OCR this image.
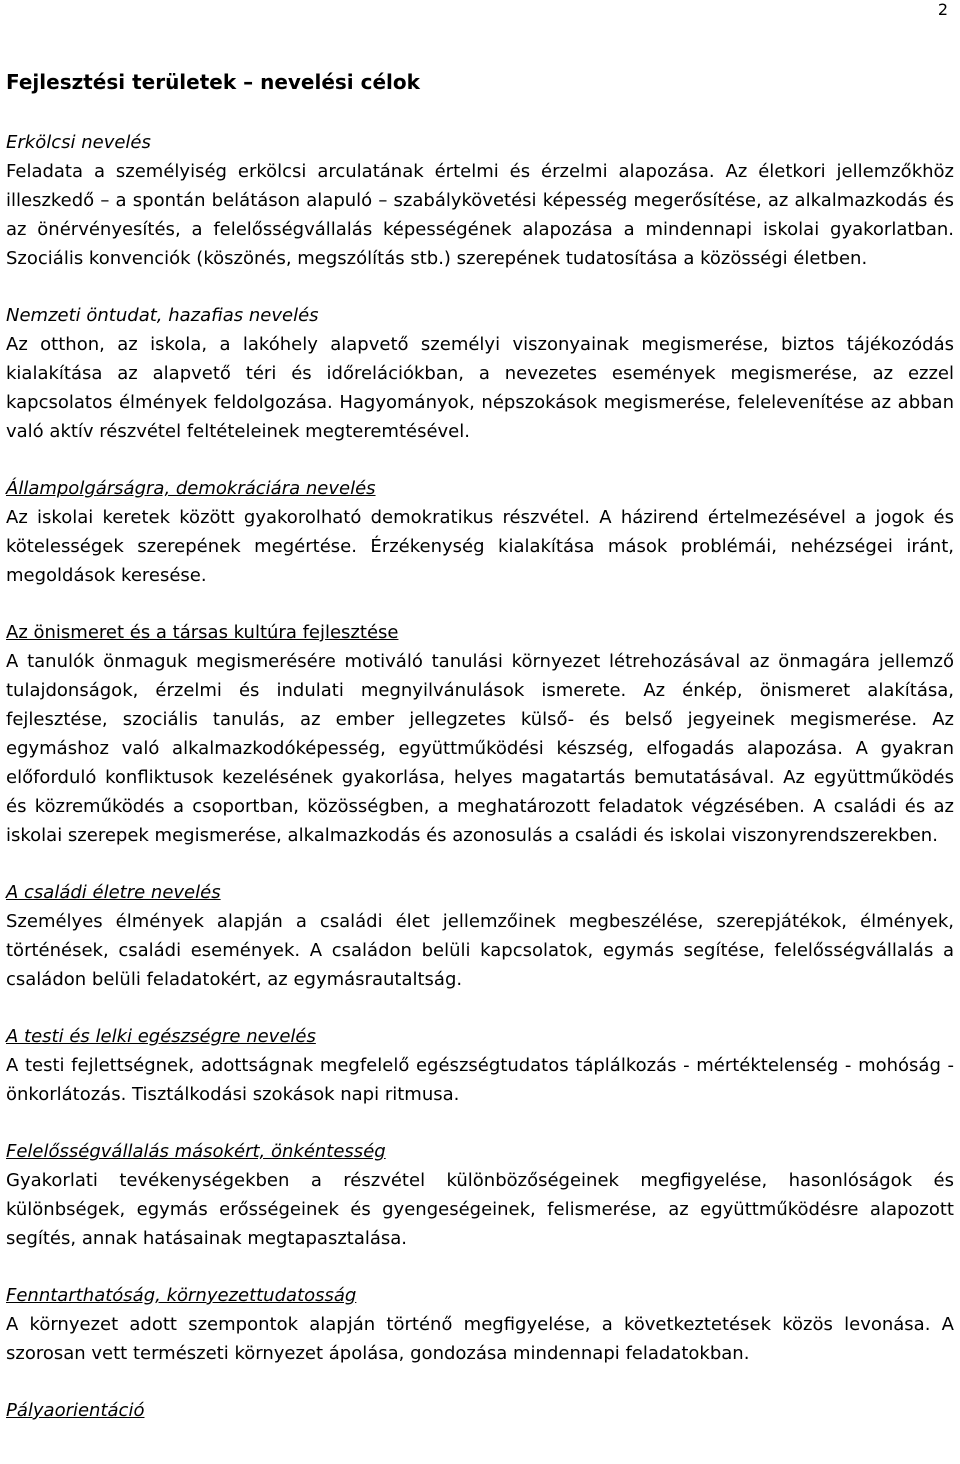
2
Fejlesztési területek – nevelési célok

Erkölcsi nevelés

Feladata a személyiség erkölcsi arculatának értelmi és érzelmi alapozása. Az életkori jellemzőkhöz illeszkedő – a spontán belátáson alapuló – szabálykövetési képesség megerősítése, az alkalmazkodás és az önérvényesítés, a felelősségvállalás képességének alapozása a mindennapi iskolai gyakorlatban. Szociális konvenciók (köszönés, megszólítás stb.) szerepének tudatosítása a közösségi életben.

Nemzeti öntudat, hazafias nevelés

Az otthon, az iskola, a lakóhely alapvető személyi viszonyainak megismerése, biztos tájékozódás kialakítása az alapvető téri és időrelációkban, a nevezetes események megismerése, az ezzel kapcsolatos élmények feldolgozása. Hagyományok, népszokások megismerése, felelevenítése az abban való aktív részvétel feltételeinek megteremtésével.

Állampolgárságra, demokráciára nevelés

Az iskolai keretek között gyakorolható demokratikus részvétel. A házirend értelmezésével a jogok és kötelességek szerepének megértése. Érzékenység kialakítása mások problémái, nehézségei iránt, megoldások keresése.

Az önismeret és a társas kultúra fejlesztése

A tanulók önmaguk megismerésére motiváló tanulási környezet létrehozásával az önmagára jellemző tulajdonságok, érzelmi és indulati megnyilvánulások ismerete. Az énkép, önismeret alakítása, fejlesztése, szociális tanulás, az ember jellegzetes külső- és belső jegyeinek megismerése. Az egymáshoz való alkalmazkodóképesség, együttműködési készség, elfogadás alapozása. A gyakran előforduló konfliktusok kezelésének gyakorlása, helyes magatartás bemutatásával. Az együttműködés és közreműködés a csoportban, közösségben, a meghatározott feladatok végzésében. A családi és az iskolai szerepek megismerése, alkalmazkodás és azonosulás a családi és iskolai viszonyrendszerekben.

A családi életre nevelés

Személyes élmények alapján a családi élet jellemzőinek megbeszélése, szerepjátékok, élmények, történések, családi események. A családon belüli kapcsolatok, egymás segítése, felelősségvállalás a családon belüli feladatokért, az egymásrautaltság.

A testi és lelki egészségre nevelés

A testi fejlettségnek, adottságnak megfelelő egészségtudatos táplálkozás - mértéktelenség - mohóság - önkorlátozás. Tisztálkodási szokások napi ritmusa.

Felelősségvállalás másokért, önkéntesség

Gyakorlati tevékenységekben a részvétel különbözőségeinek megfigyelése, hasonlóságok és különbségek, egymás erősségeinek és gyengeségeinek, felismerése, az együttműködésre alapozott segítés, annak hatásainak megtapasztalása.

Fenntarthatóság, környezettudatosság

A környezet adott szempontok alapján történő megfigyelése, a következtetések közös levonása. A szorosan vett természeti környezet ápolása, gondozása mindennapi feladatokban.

Pályaorientáció
